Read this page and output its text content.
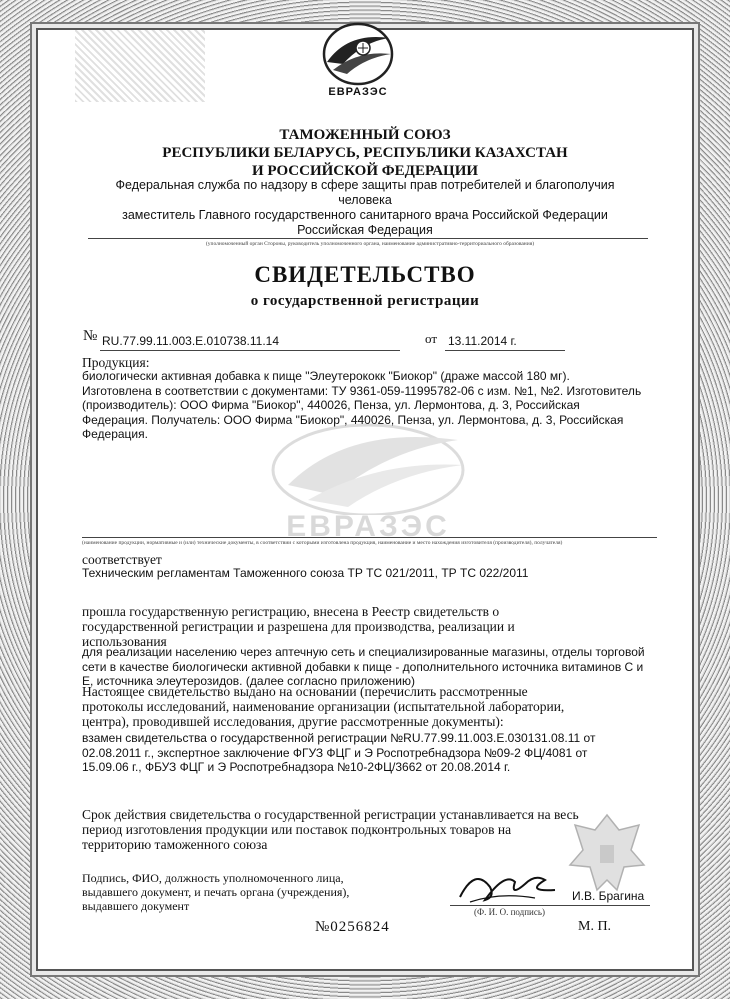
ЕВРАЗЭС
ТАМОЖЕННЫЙ СОЮЗ
РЕСПУБЛИКИ БЕЛАРУСЬ, РЕСПУБЛИКИ КАЗАХСТАН
И РОССИЙСКОЙ ФЕДЕРАЦИИ
Федеральная служба по надзору в сфере защиты прав потребителей и благополучия человека
заместитель Главного государственного санитарного врача Российской Федерации
Российская Федерация
(уполномоченный орган Стороны, руководитель уполномоченного органа, наименование административно-территориального образования)
СВИДЕТЕЛЬСТВО
о государственной регистрации
№ RU.77.99.11.003.E.010738.11.14	от 13.11.2014 г.
ЕВРАЗЭС
Продукция:
биологически активная добавка к пище "Элеутерококк "Биокор" (драже массой 180 мг).
Изготовлена в соответствии с документами: ТУ 9361-059-11995782-06 с изм. №1, №2. Изготовитель
(производитель): ООО Фирма "Биокор", 440026, Пенза, ул. Лермонтова, д. 3, Российская
Федерация. Получатель: ООО Фирма "Биокор", 440026, Пенза, ул. Лермонтова, д. 3, Российская
Федерация.
(наименование продукции, нормативные и (или) технические документы, в соответствии с которыми изготовлена продукция, наименование и место нахождения изготовителя (производителя), получателя)
соответствует
Техническим регламентам Таможенного союза ТР ТС 021/2011, ТР ТС 022/2011
прошла государственную регистрацию, внесена в Реестр свидетельств о
государственной регистрации и разрешена для производства, реализации и
использования
для реализации населению через аптечную сеть и специализированные магазины, отделы торговой
сети в качестве биологически активной добавки к пище - дополнительного источника витаминов С и
Е, источника элеутерозидов. (далее согласно приложению)
Настоящее свидетельство выдано на основании (перечислить рассмотренные
протоколы исследований, наименование организации (испытательной лаборатории,
центра), проводившей исследования, другие рассмотренные документы):
взамен свидетельства о государственной регистрации №RU.77.99.11.003.E.030131.08.11 от
02.08.2011 г., экспертное заключение ФГУЗ ФЦГ и Э Роспотребнадзора №09-2 ФЦ/4081 от
15.09.06 г., ФБУЗ ФЦГ и Э Роспотребнадзора №10-2ФЦ/3662 от 20.08.2014 г.
Срок действия свидетельства о государственной регистрации устанавливается на весь
период изготовления продукции или поставок подконтрольных товаров на
территорию таможенного союза
Подпись, ФИО, должность уполномоченного лица,
выдавшего документ, и печать органа (учреждения),
выдавшего документ
И.В. Брагина
(Ф. И. О. подпись)
№0256824	М. П.
